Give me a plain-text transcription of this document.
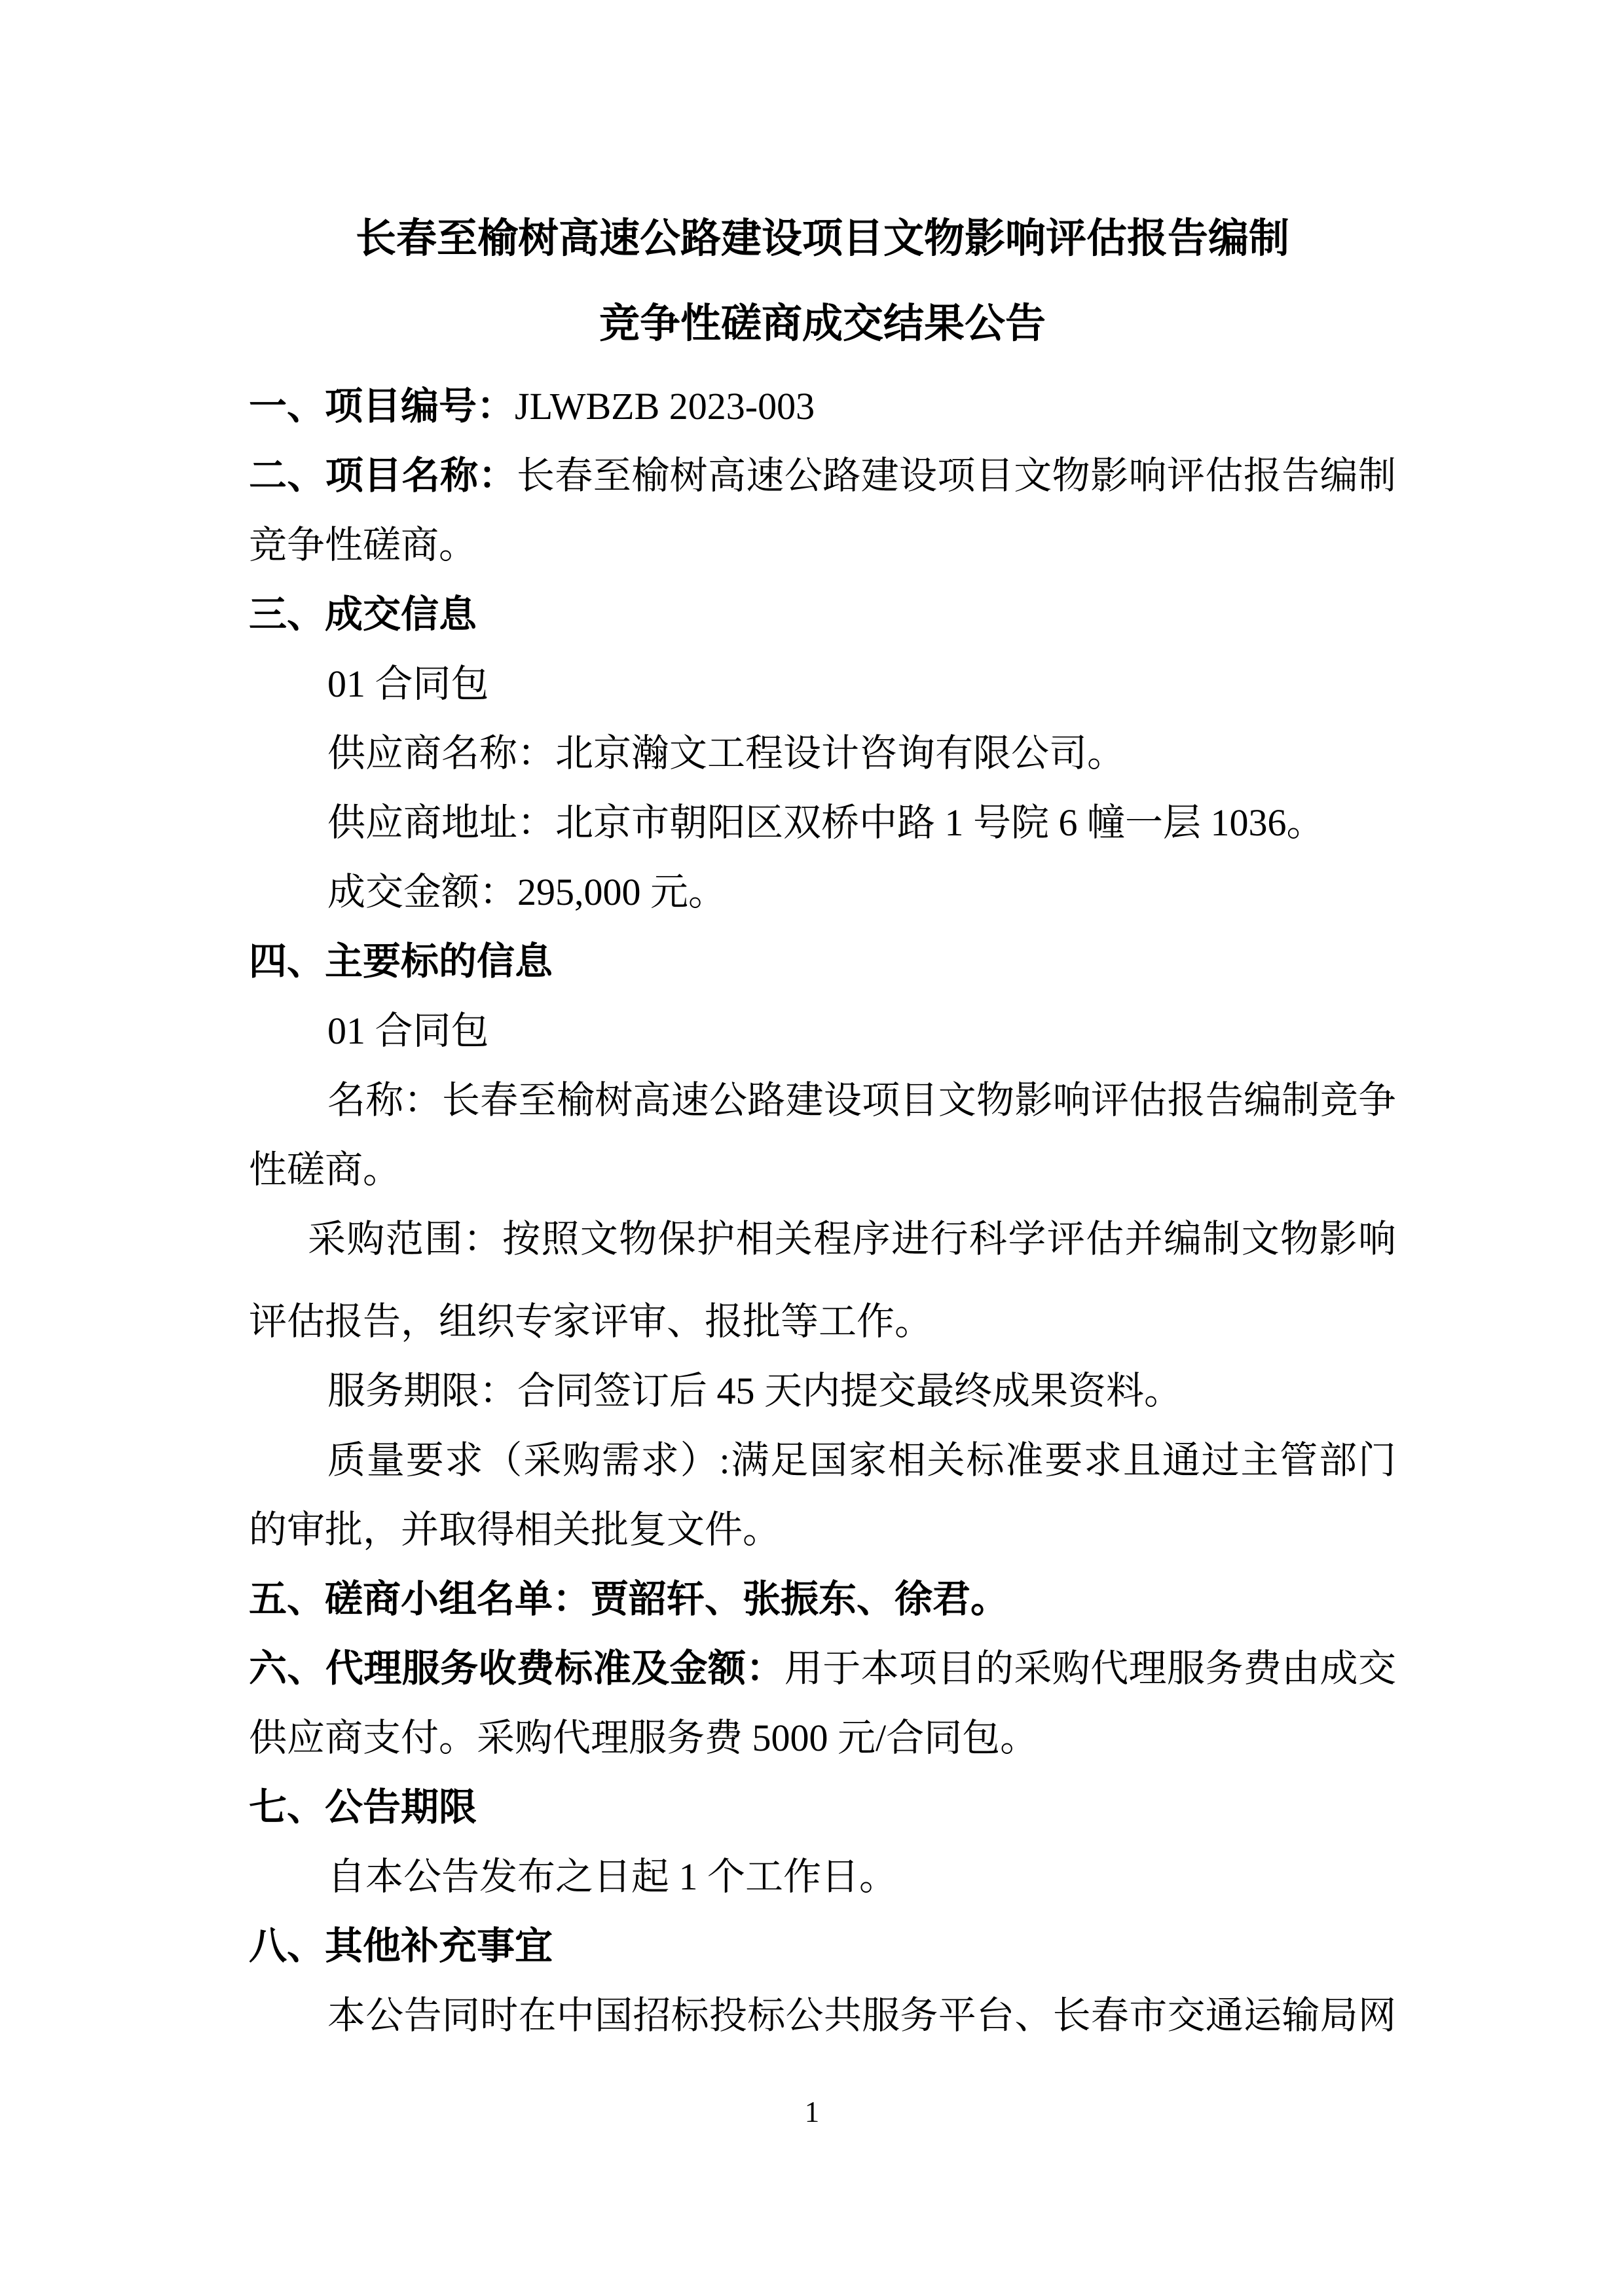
长春至榆树高速公路建设项目文物影响评估报告编制

竞争性磋商成交结果公告

一、项目编号：JLWBZB 2023-003

二、项目名称：长春至榆树高速公路建设项目文物影响评估报告编制

竞争性磋商。

三、成交信息

01 合同包

供应商名称：北京瀚文工程设计咨询有限公司。

供应商地址：北京市朝阳区双桥中路 1 号院 6 幢一层 1036。

成交金额：295,000 元。

四、主要标的信息

01 合同包

名称：长春至榆树高速公路建设项目文物影响评估报告编制竞争

性磋商。

采购范围：按照文物保护相关程序进行科学评估并编制文物影响

评估报告，组织专家评审、报批等工作。

服务期限：合同签订后 45 天内提交最终成果资料。

质量要求（采购需求）:满足国家相关标准要求且通过主管部门

的审批，并取得相关批复文件。

五、磋商小组名单：贾韶轩、张振东、徐君。

六、代理服务收费标准及金额：用于本项目的采购代理服务费由成交

供应商支付。采购代理服务费 5000 元/合同包。

七、公告期限

自本公告发布之日起 1 个工作日。

八、其他补充事宜

本公告同时在中国招标投标公共服务平台、长春市交通运输局网

1
